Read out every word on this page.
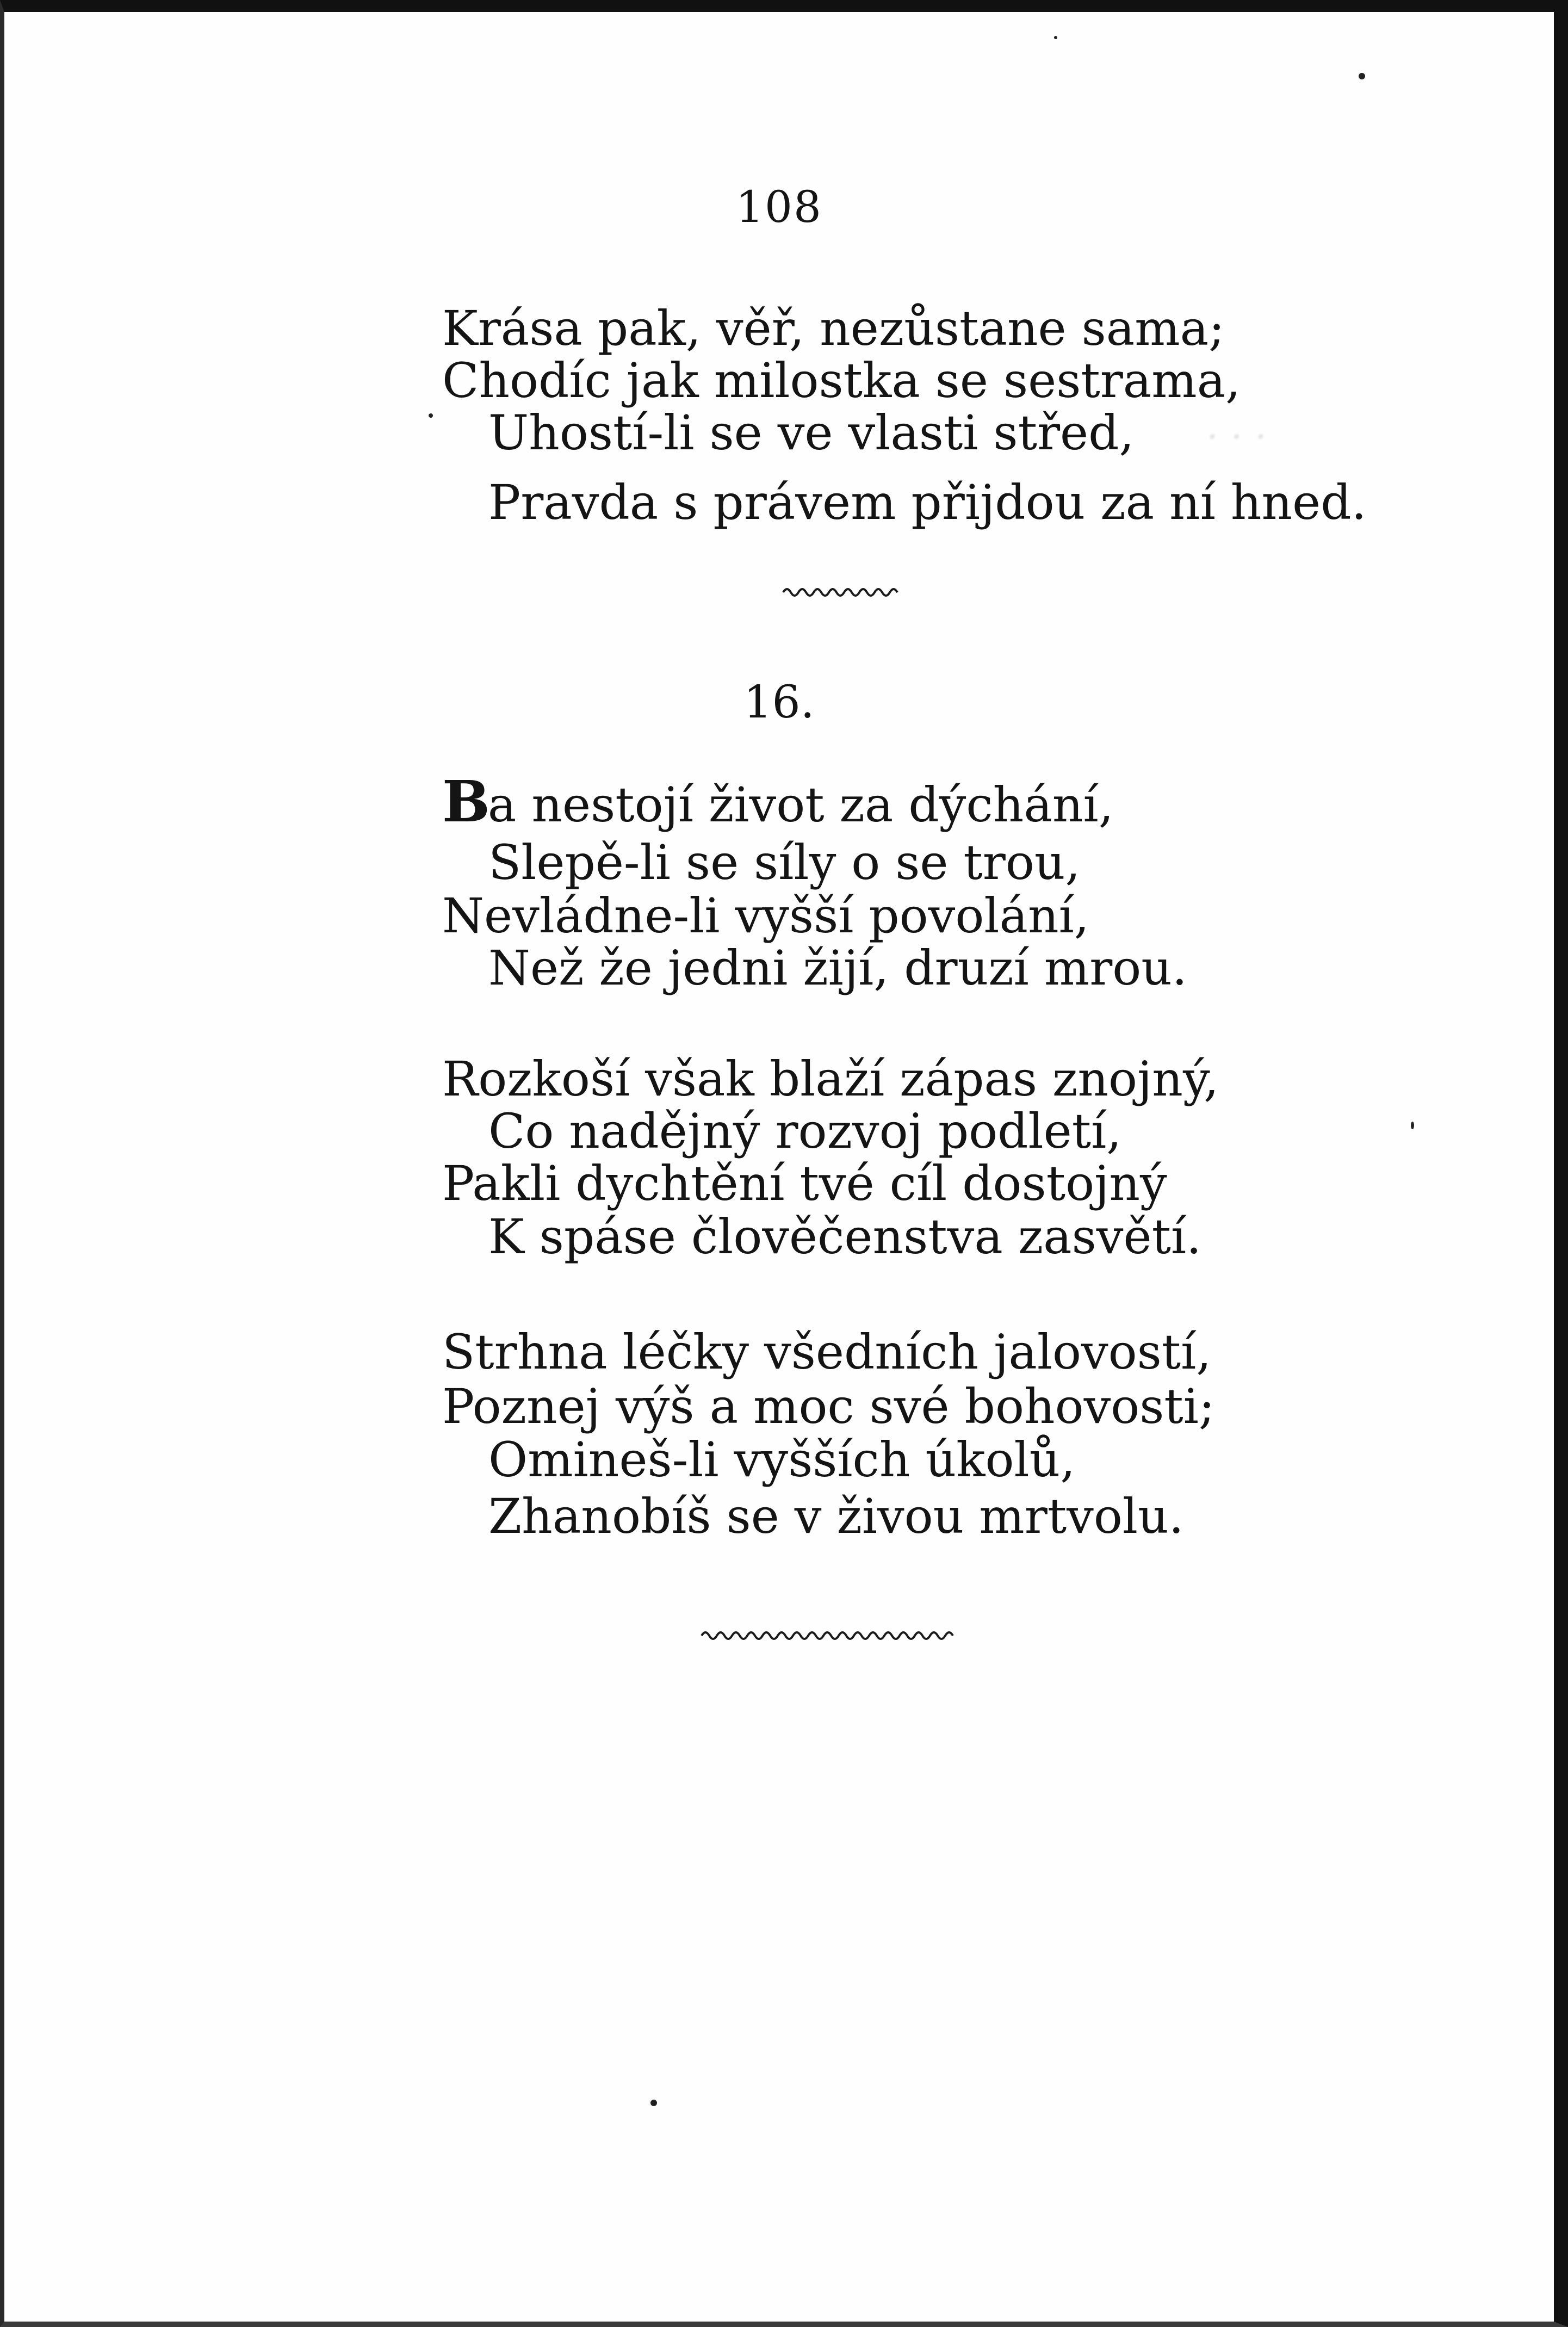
· · ·
108
Krása pak, věř, nezůstane sama;
Chodíc jak milostka se sestrama,
Uhostí-li se ve vlasti střed,
Pravda s právem přijdou za ní hned.
16.
Ba nestojí život za dýchání,
Slepě-li se síly o se trou,
Nevládne-li vyšší povolání,
Než že jedni žijí, druzí mrou.
Rozkoší však blaží zápas znojný,
Co nadějný rozvoj podletí,
Pakli dychtění tvé cíl dostojný
K spáse člověčenstva zasvětí.
Strhna léčky všedních jalovostí,
Poznej výš a moc své bohovosti;
Omineš-li vyšších úkolů,
Zhanobíš se v živou mrtvolu.
